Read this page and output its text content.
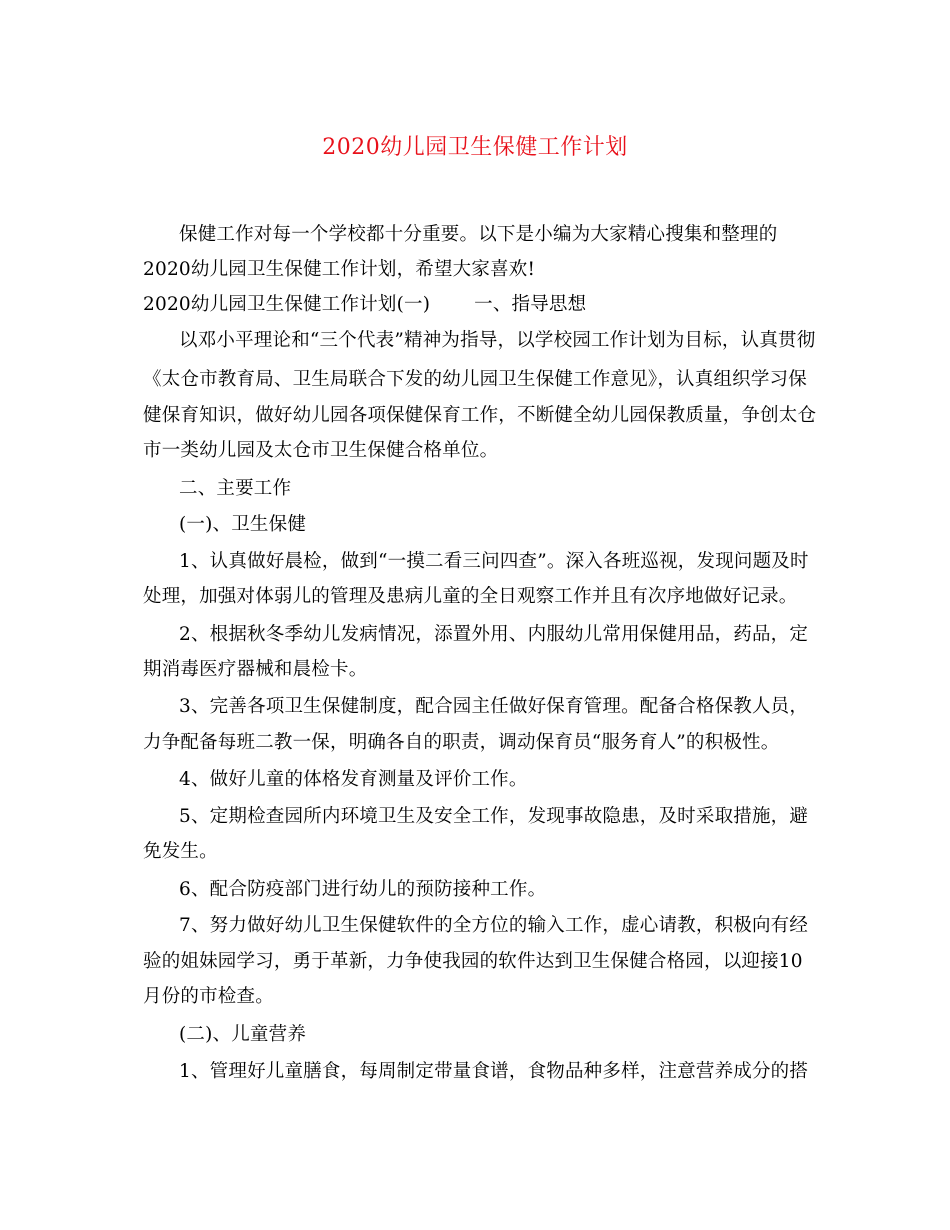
2020幼儿园卫生保健工作计划
保健工作对每一个学校都十分重要。以下是小编为大家精心搜集和整理的
2020幼儿园卫生保健工作计划，希望大家喜欢!
2020幼儿园卫生保健工作计划(一) 一、指导思想
以邓小平理论和“三个代表”精神为指导，以学校园工作计划为目标，认真贯彻
《太仓市教育局、卫生局联合下发的幼儿园卫生保健工作意见》，认真组织学习保
健保育知识，做好幼儿园各项保健保育工作，不断健全幼儿园保教质量，争创太仓
市一类幼儿园及太仓市卫生保健合格单位。
二、主要工作
(一)、卫生保健
1、认真做好晨检，做到“一摸二看三问四查”。深入各班巡视，发现问题及时
处理，加强对体弱儿的管理及患病儿童的全日观察工作并且有次序地做好记录。
2、根据秋冬季幼儿发病情况，添置外用、内服幼儿常用保健用品，药品，定
期消毒医疗器械和晨检卡。
3、完善各项卫生保健制度，配合园主任做好保育管理。配备合格保教人员，
力争配备每班二教一保，明确各自的职责，调动保育员“服务育人”的积极性。
4、做好儿童的体格发育测量及评价工作。
5、定期检查园所内环境卫生及安全工作，发现事故隐患，及时采取措施，避
免发生。
6、配合防疫部门进行幼儿的预防接种工作。
7、努力做好幼儿卫生保健软件的全方位的输入工作，虚心请教，积极向有经
验的姐妹园学习，勇于革新，力争使我园的软件达到卫生保健合格园，以迎接10
月份的市检查。
(二)、儿童营养
1、管理好儿童膳食，每周制定带量食谱，食物品种多样，注意营养成分的搭
